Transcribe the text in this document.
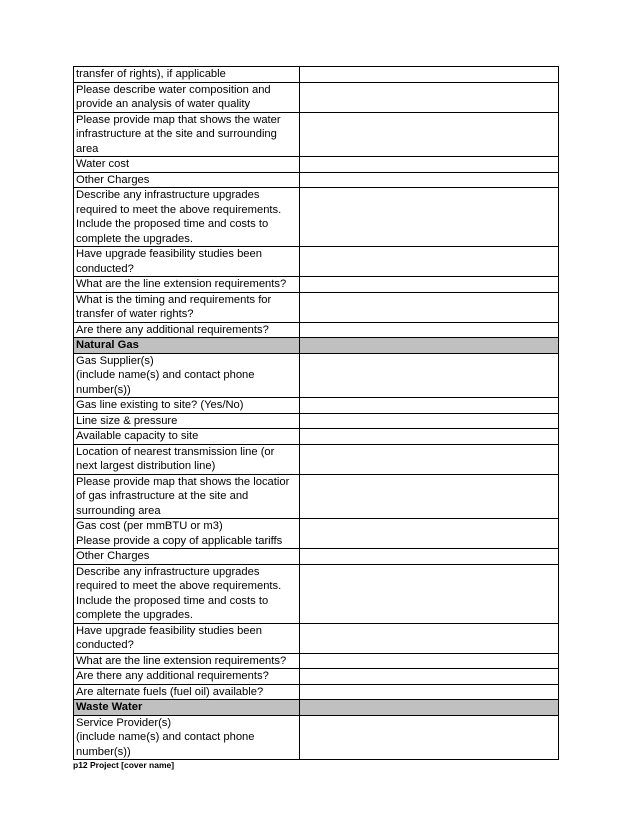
transfer of rights), if applicable	

Please describe water composition and
provide an analysis of water quality	

Please provide map that shows the water
infrastructure at the site and surrounding
area	

Water cost	

Other Charges	

Describe any infrastructure upgrades
required to meet the above requirements.
Include the proposed time and costs to
complete the upgrades.	

Have upgrade feasibility studies been
conducted?	

What are the line extension requirements?	

What is the timing and requirements for
transfer of water rights?	

Are there any additional requirements?	

Natural Gas	

Gas Supplier(s)
(include name(s) and contact phone
number(s))	

Gas line existing to site? (Yes/No)	

Line size & pressure	

Available capacity to site	

Location of nearest transmission line (or
next largest distribution line)	

Please provide map that shows the locatior
of gas infrastructure at the site and
surrounding area	

Gas cost (per mmBTU or m3)
Please provide a copy of applicable tariffs	

Other Charges	

Describe any infrastructure upgrades
required to meet the above requirements.
Include the proposed time and costs to
complete the upgrades.	

Have upgrade feasibility studies been
conducted?	

What are the line extension requirements?	

Are there any additional requirements?	

Are alternate fuels (fuel oil) available?	

Waste Water	

Service Provider(s)
(include name(s) and contact phone
number(s))	

p12 Project [cover name]
